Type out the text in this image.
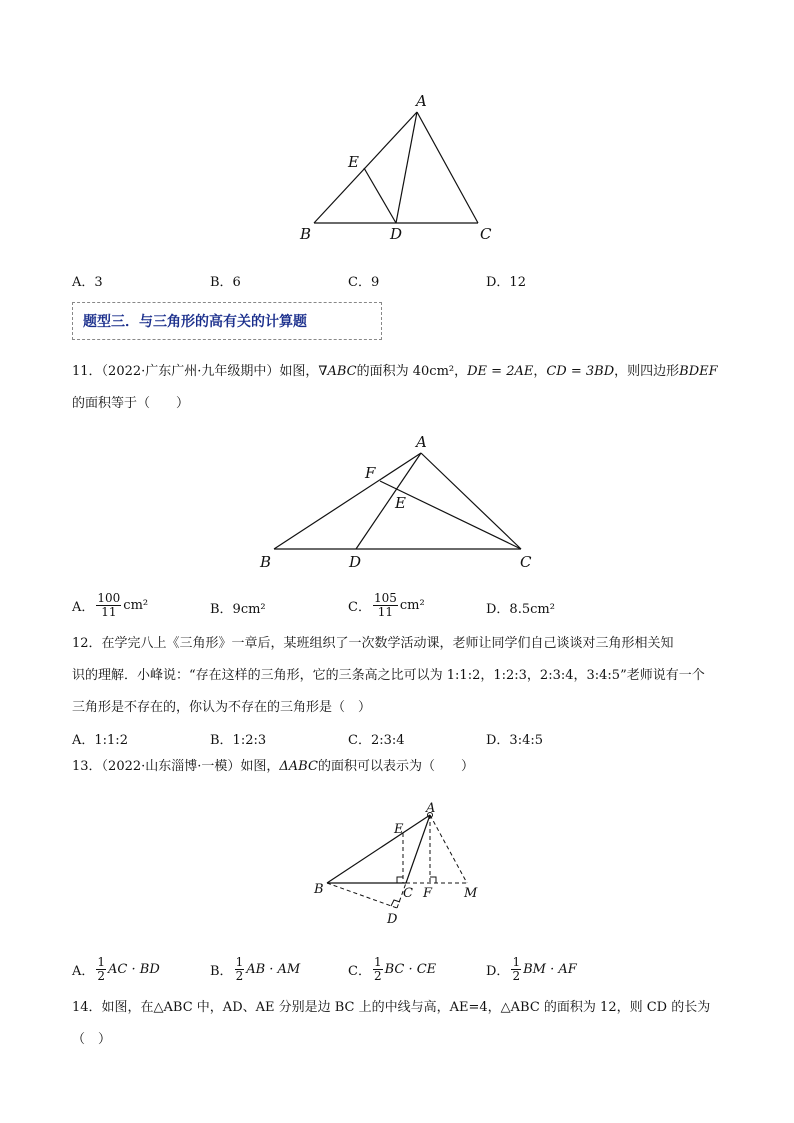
A
E
B	D	C
A．3	B．6	C．9	D．12
题型三．与三角形的高有关的计算题

11．（2022·广东广州·九年级期中）如图，∇ABC的面积为 40cm²，DE = 2AE，CD = 3BD，则四边形BDEF

的面积等于（　　）

A
F
E
B	D	C
A． $\frac{100}{11} cm^2$	B．9cm²	C． $\frac{105}{11} cm^2$	D．8.5cm²

12．在学完八上《三角形》一章后，某班组织了一次数学活动课，老师让同学们自己谈谈对三角形相关知

识的理解．小峰说：“存在这样的三角形，它的三条高之比可以为 1:1:2，1:2:3，2:3:4，3:4:5”老师说有一个

三角形是不存在的，你认为不存在的三角形是（　）

A．1:1:2	B．1:2:3	C．2:3:4	D．3:4:5

13．（2022·山东淄博·一模）如图，ΔABC的面积可以表示为（　　）

A
E
B	C F M
D
A． $\frac{1}{2}$ AC · BD	B． $\frac{1}{2}$ AB · AM	C． $\frac{1}{2}$ BC · CE	D． $\frac{1}{2}$ BM · AF

14．如图，在△ABC 中，AD、AE 分别是边 BC 上的中线与高，AE=4，△ABC 的面积为 12，则 CD 的长为

（　）
